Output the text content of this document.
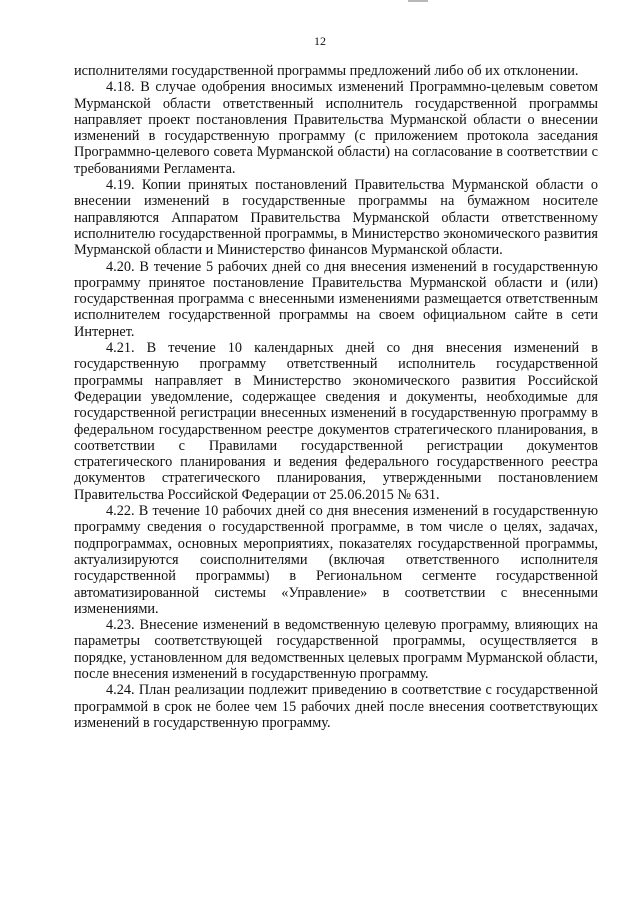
12

исполнителями государственной программы предложений либо об их отклонении.

4.18. В случае одобрения вносимых изменений Программно-целевым советом Мурманской области ответственный исполнитель государственной программы направляет проект постановления Правительства Мурманской области о внесении изменений в государственную программу (с приложением протокола заседания Программно-целевого совета Мурманской области) на согласование в соответствии с требованиями Регламента.

4.19. Копии принятых постановлений Правительства Мурманской области о внесении изменений в государственные программы на бумажном носителе направляются Аппаратом Правительства Мурманской области ответственному исполнителю государственной программы, в Министерство экономического развития Мурманской области и Министерство финансов Мурманской области.

4.20. В течение 5 рабочих дней со дня внесения изменений в государственную программу принятое постановление Правительства Мурманской области и (или) государственная программа с внесенными изменениями размещается ответственным исполнителем государственной программы на своем официальном сайте в сети Интернет.

4.21. В течение 10 календарных дней со дня внесения изменений в государственную программу ответственный исполнитель государственной программы направляет в Министерство экономического развития Российской Федерации уведомление, содержащее сведения и документы, необходимые для государственной регистрации внесенных изменений в государственную программу в федеральном государственном реестре документов стратегического планирования, в соответствии с Правилами государственной регистрации документов стратегического планирования и ведения федерального государственного реестра документов стратегического планирования, утвержденными постановлением Правительства Российской Федерации от 25.06.2015 № 631.

4.22. В течение 10 рабочих дней со дня внесения изменений в государственную программу сведения о государственной программе, в том числе о целях, задачах, подпрограммах, основных мероприятиях, показателях государственной программы, актуализируются соисполнителями (включая ответственного исполнителя государственной программы) в Региональном сегменте государственной автоматизированной системы «Управление» в соответствии с внесенными изменениями.

4.23. Внесение изменений в ведомственную целевую программу, влияющих на параметры соответствующей государственной программы, осуществляется в порядке, установленном для ведомственных целевых программ Мурманской области, после внесения изменений в государственную программу.

4.24. План реализации подлежит приведению в соответствие с государственной программой в срок не более чем 15 рабочих дней после внесения соответствующих изменений в государственную программу.
